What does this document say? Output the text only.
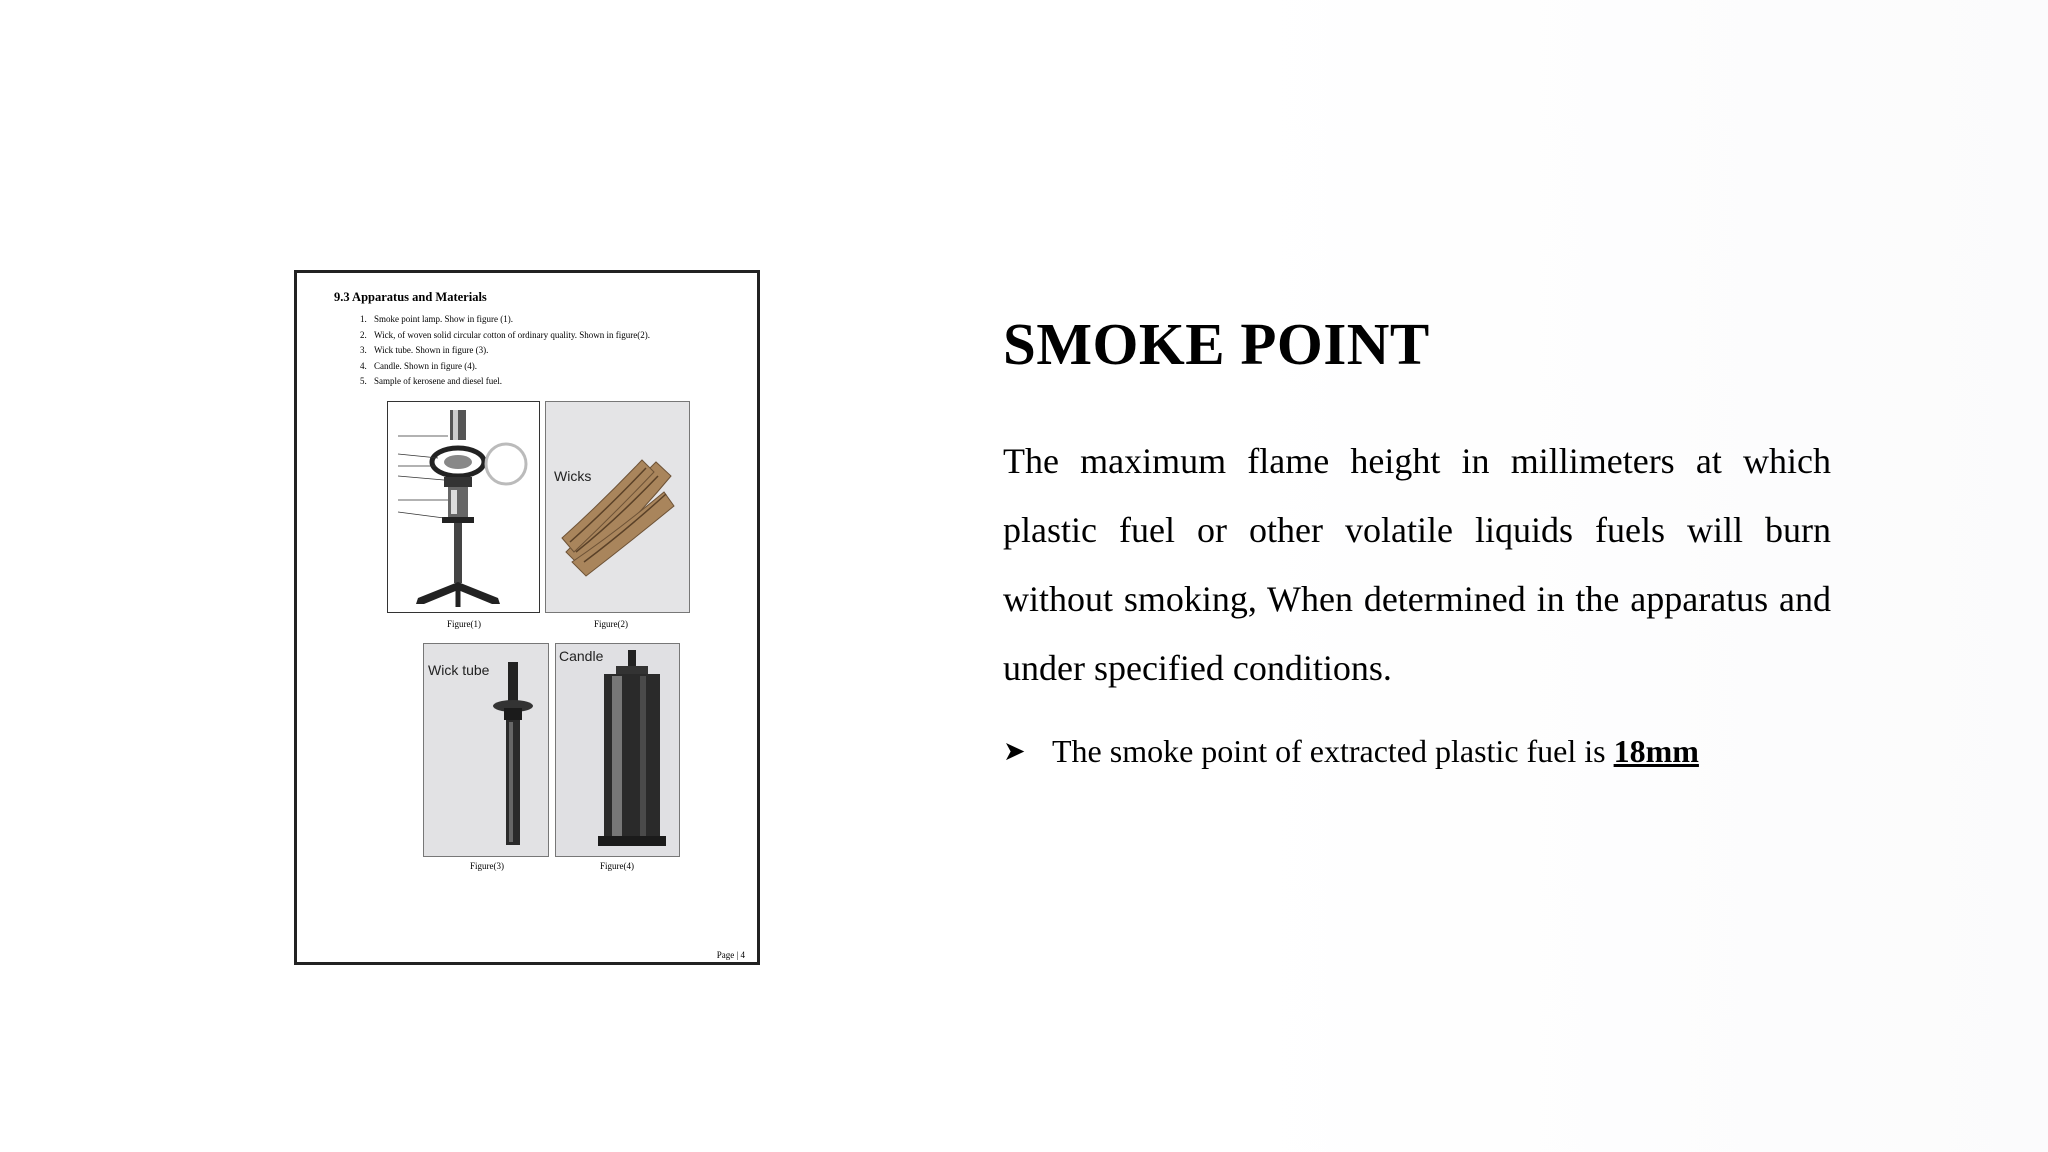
9.3 Apparatus and Materials
1. Smoke point lamp. Show in figure (1).
2. Wick, of woven solid circular cotton of ordinary quality. Shown in figure(2).
3. Wick tube. Shown in figure (3).
4. Candle. Shown in figure (4).
5. Sample of kerosene and diesel fuel.
Figure(1)
Wicks
Figure(2)
Wick tube
Figure(3)
Candle
Figure(4)
Page | 4
SMOKE POINT

The maximum flame height in millimeters at which plastic fuel or other volatile liquids fuels will burn without smoking, When determined in the apparatus and under specified conditions.

➤ The smoke point of extracted plastic fuel is
18mm
